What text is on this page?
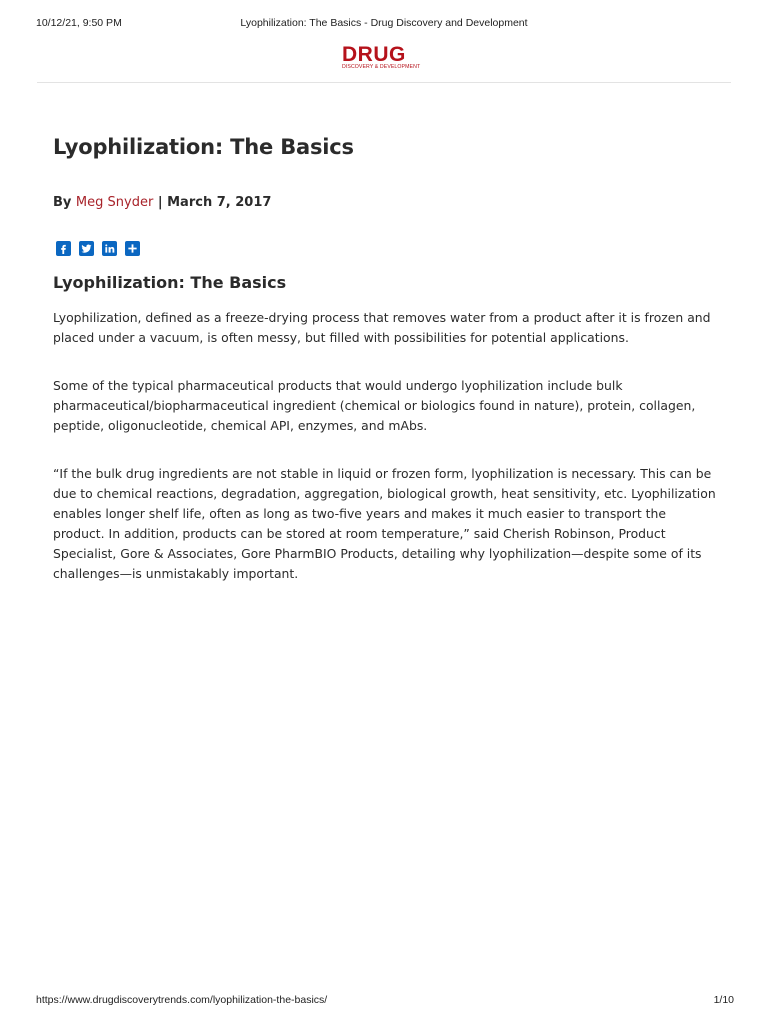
10/12/21, 9:50 PM	Lyophilization: The Basics - Drug Discovery and Development
DRUG
DISCOVERY & DEVELOPMENT
Lyophilization: The Basics
By Meg Snyder | March 7, 2017
Lyophilization: The Basics

Lyophilization, defined as a freeze-drying process that removes water from a product after it is frozen and placed under a vacuum, is often messy, but filled with possibilities for potential applications.

Some of the typical pharmaceutical products that would undergo lyophilization include bulk pharmaceutical/biopharmaceutical ingredient (chemical or biologics found in nature), protein, collagen, peptide, oligonucleotide, chemical API, enzymes, and mAbs.

“If the bulk drug ingredients are not stable in liquid or frozen form, lyophilization is necessary. This can be due to chemical reactions, degradation, aggregation, biological growth, heat sensitivity, etc. Lyophilization enables longer shelf life, often as long as two-five years and makes it much easier to transport the product. In addition, products can be stored at room temperature,” said Cherish Robinson, Product Specialist, Gore & Associates, Gore PharmBIO Products, detailing why lyophilization—despite some of its challenges—is unmistakably important.

https://www.drugdiscoverytrends.com/lyophilization-the-basics/	1/10
